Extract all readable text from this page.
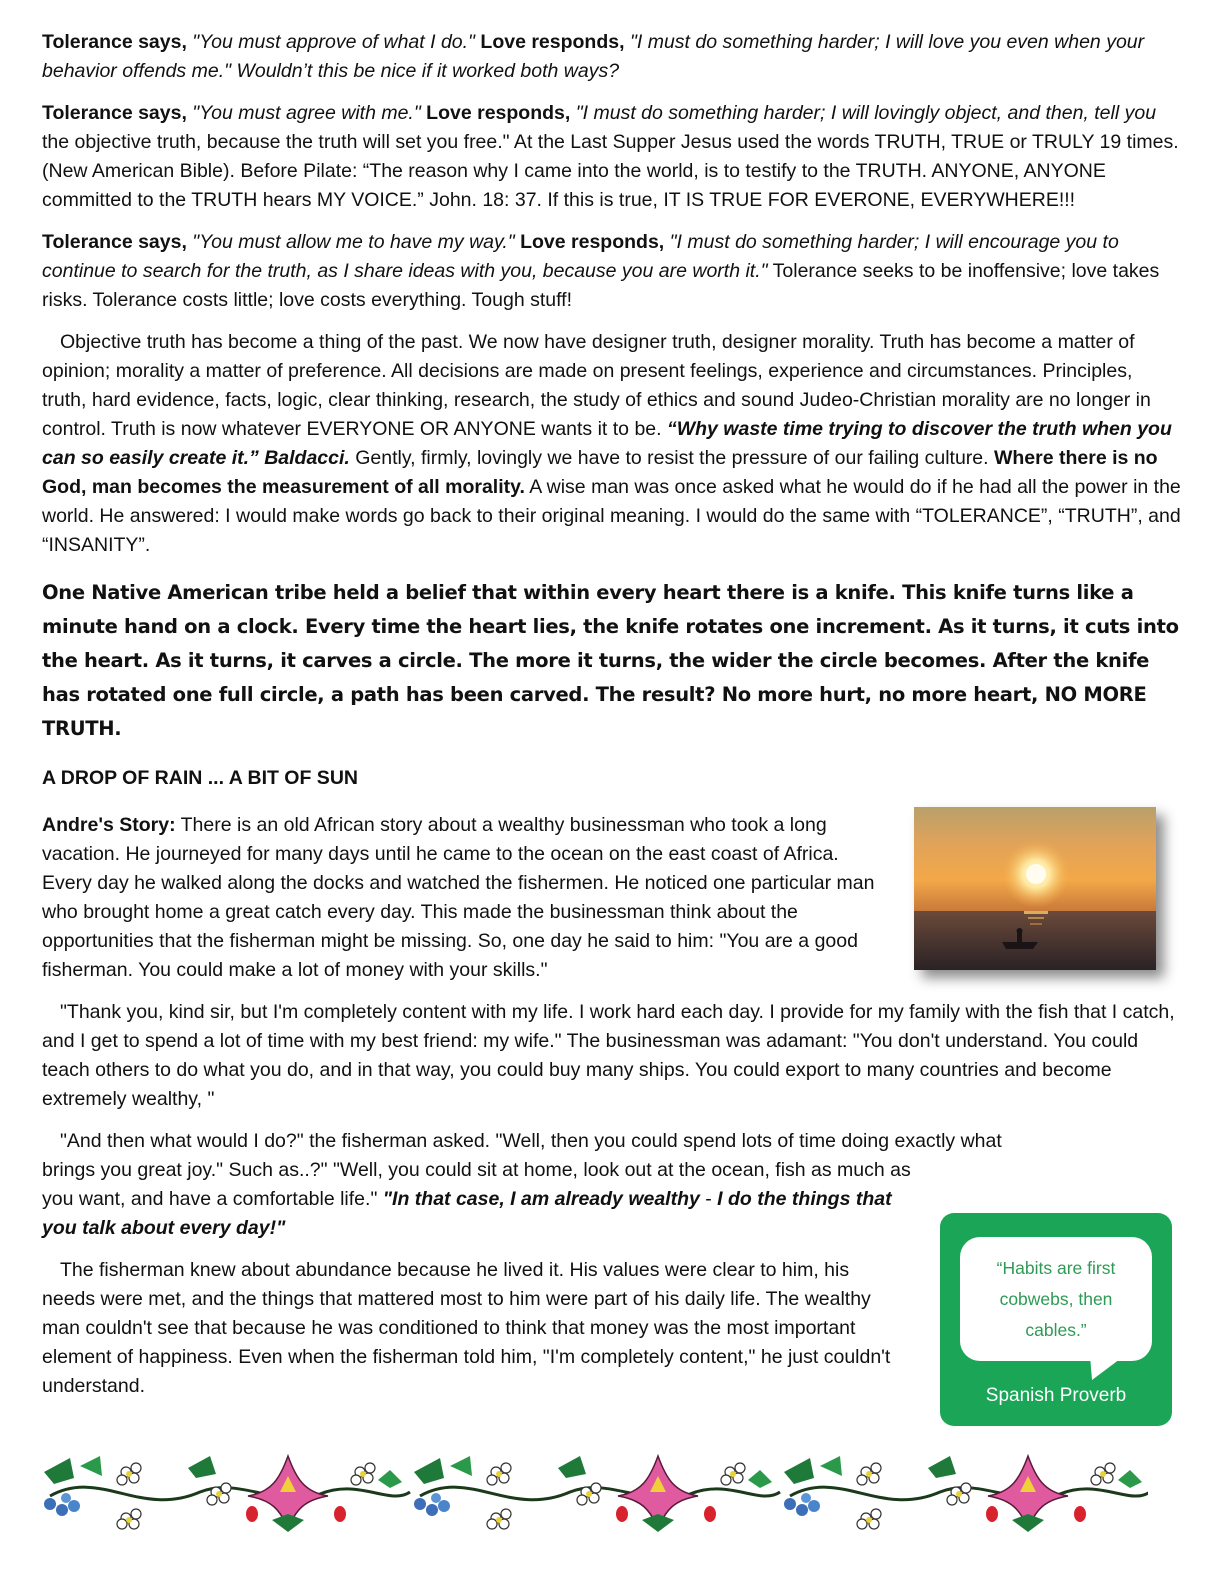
Tolerance says, "You must approve of what I do." Love responds, "I must do something harder; I will love you even when your behavior offends me." Wouldn’t this be nice if it worked both ways?

Tolerance says, "You must agree with me." Love responds, "I must do something harder; I will lovingly object, and then, tell you the objective truth, because the truth will set you free." At the Last Supper Jesus used the words TRUTH, TRUE or TRULY 19 times. (New American Bible). Before Pilate: “The reason why I came into the world, is to testify to the TRUTH. ANYONE, ANYONE committed to the TRUTH hears MY VOICE.” John. 18: 37. If this is true, IT IS TRUE FOR EVERONE, EVERYWHERE!!!

Tolerance says, "You must allow me to have my way." Love responds, "I must do something harder; I will encourage you to continue to search for the truth, as I share ideas with you, because you are worth it." Tolerance seeks to be inoffensive; love takes risks. Tolerance costs little; love costs everything. Tough stuff!

Objective truth has become a thing of the past. We now have designer truth, designer morality. Truth has become a matter of opinion; morality a matter of preference. All decisions are made on present feelings, experience and circumstances. Principles, truth, hard evidence, facts, logic, clear thinking, research, the study of ethics and sound Judeo-Christian morality are no longer in control. Truth is now whatever EVERYONE OR ANYONE wants it to be. “Why waste time trying to discover the truth when you can so easily create it.” Baldacci. Gently, firmly, lovingly we have to resist the pressure of our failing culture. Where there is no God, man becomes the measurement of all morality. A wise man was once asked what he would do if he had all the power in the world. He answered: I would make words go back to their original meaning. I would do the same with “TOLERANCE”, “TRUTH”, and “INSANITY”.

One Native American tribe held a belief that within every heart there is a knife. This knife turns like a minute hand on a clock. Every time the heart lies, the knife rotates one increment. As it turns, it cuts into the heart. As it turns, it carves a circle. The more it turns, the wider the circle becomes. After the knife has rotated one full circle, a path has been carved. The result? No more hurt, no more heart, NO MORE TRUTH.

A DROP OF RAIN ... A BIT OF SUN

Andre's Story: There is an old African story about a wealthy businessman who took a long vacation. He journeyed for many days until he came to the ocean on the east coast of Africa. Every day he walked along the docks and watched the fishermen. He noticed one particular man who brought home a great catch every day. This made the businessman think about the opportunities that the fisherman might be missing. So, one day he said to him: "You are a good fisherman. You could make a lot of money with your skills."

"Thank you, kind sir, but I'm completely content with my life. I work hard each day. I provide for my family with the fish that I catch, and I get to spend a lot of time with my best friend: my wife." The businessman was adamant: "You don't understand. You could teach others to do what you do, and in that way, you could buy many ships. You could export to many countries and become extremely wealthy, "

"And then what would I do?" the fisherman asked. "Well, then you could spend lots of time doing exactly what

brings you great joy." Such as..?" "Well, you could sit at home, look out at the ocean, fish as much as you want, and have a comfortable life." "In that case, I am already wealthy - I do the things that you talk about every day!"

The fisherman knew about abundance because he lived it. His values were clear to him, his needs were met, and the things that mattered most to him were part of his daily life. The wealthy man couldn't see that because he was conditioned to think that money was the most important element of happiness. Even when the fisherman told him, "I'm completely content," he just couldn't understand.

“Habits are first cobwebs, then cables.”
Spanish Proverb
